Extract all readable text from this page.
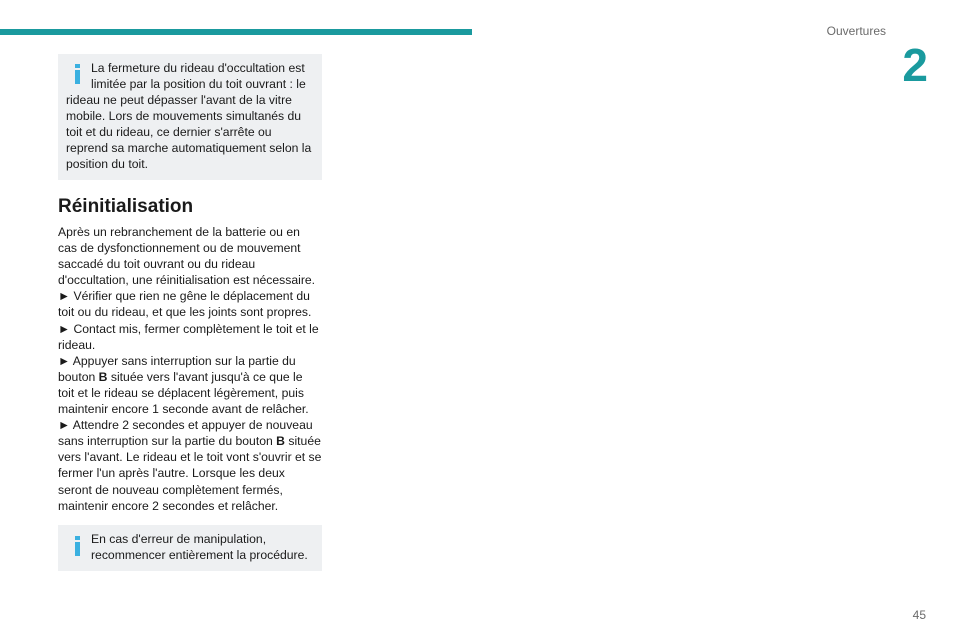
Ouvertures
2
La fermeture du rideau d'occultation est
limitée par la position du toit ouvrant : le
rideau ne peut dépasser l'avant de la vitre mobile. Lors de mouvements simultanés du toit et du rideau, ce dernier s'arrête ou reprend sa marche automatiquement selon la position du toit.
Réinitialisation

Après un rebranchement de la batterie ou en cas de dysfonctionnement ou de mouvement saccadé du toit ouvrant ou du rideau d'occultation, une réinitialisation est nécessaire.

► Vérifier que rien ne gêne le déplacement du toit ou du rideau, et que les joints sont propres.

► Contact mis, fermer complètement le toit et le rideau.

► Appuyer sans interruption sur la partie du bouton B située vers l'avant jusqu'à ce que le toit et le rideau se déplacent légèrement, puis maintenir encore 1 seconde avant de relâcher.

► Attendre 2 secondes et appuyer de nouveau sans interruption sur la partie du bouton B située vers l'avant. Le rideau et le toit vont s'ouvrir et se fermer l'un après l'autre. Lorsque les deux seront de nouveau complètement fermés, maintenir encore 2 secondes et relâcher.

En cas d'erreur de manipulation, recommencer entièrement la procédure.
45
